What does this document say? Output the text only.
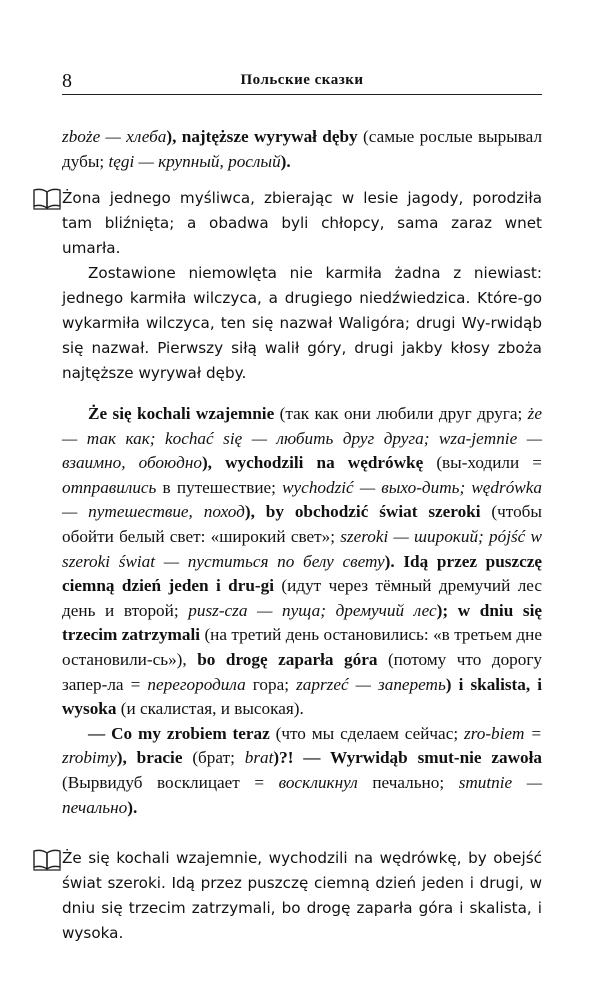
8	Польские сказки

zboże — хлеба), najtęższe wyrywał dęby (самые рослые вырывал дубы; tęgi — крупный, рослый).

Żona jednego myśliwca, zbierając w lesie jagody, porodziła tam bliźnięta; a obadwa byli chłopcy, sama zaraz wnet umarła.

Zostawione niemowlęta nie karmiła żadna z niewiast: jednego karmiła wilczyca, a drugiego niedźwiedzica. Które-go wykarmiła wilczyca, ten się nazwał Waligóra; drugi Wy-rwidąb się nazwał. Pierwszy siłą walił góry, drugi jakby kłosy zboża najtęższe wyrywał dęby.

Że się kochali wzajemnie (так как они любили друг друга; że — так как; kochać się — любить друг друга; wza-jemnie — взаимно, обоюдно), wychodzili na wędrówkę (вы-ходили = отправились в путешествие; wychodzić — выхо-дить; wędrówka — путешествие, поход), by obchodzić świat szeroki (чтобы обойти белый свет: «широкий свет»; szeroki — широкий; pójść w szeroki świat — пуститься по белу свету). Idą przez puszczę ciemną dzień jeden i dru-gi (идут через тёмный дремучий лес день и второй; pusz-cza — пуща; дремучий лес); w dniu się trzecim zatrzymali (на третий день остановились: «в третьем дне остановили-сь»), bo drogę zaparła góra (потому что дорогу запер-ла = перегородила гора; zaprzeć — запереть) i skalista, i wysoka (и скалистая, и высокая).

— Co my zrobiem teraz (что мы сделаем сейчас; zro-biem = zrobimy), bracie (брат; brat)?! — Wyrwidąb smut-nie zawoła (Вырвидуб восклицает = воскликнул печально; smutnie — печально).

Że się kochali wzajemnie, wychodzili na wędrówkę, by obejść świat szeroki. Idą przez puszczę ciemną dzień jeden i drugi, w dniu się trzecim zatrzymali, bo drogę zaparła góra i skalista, i wysoka.
